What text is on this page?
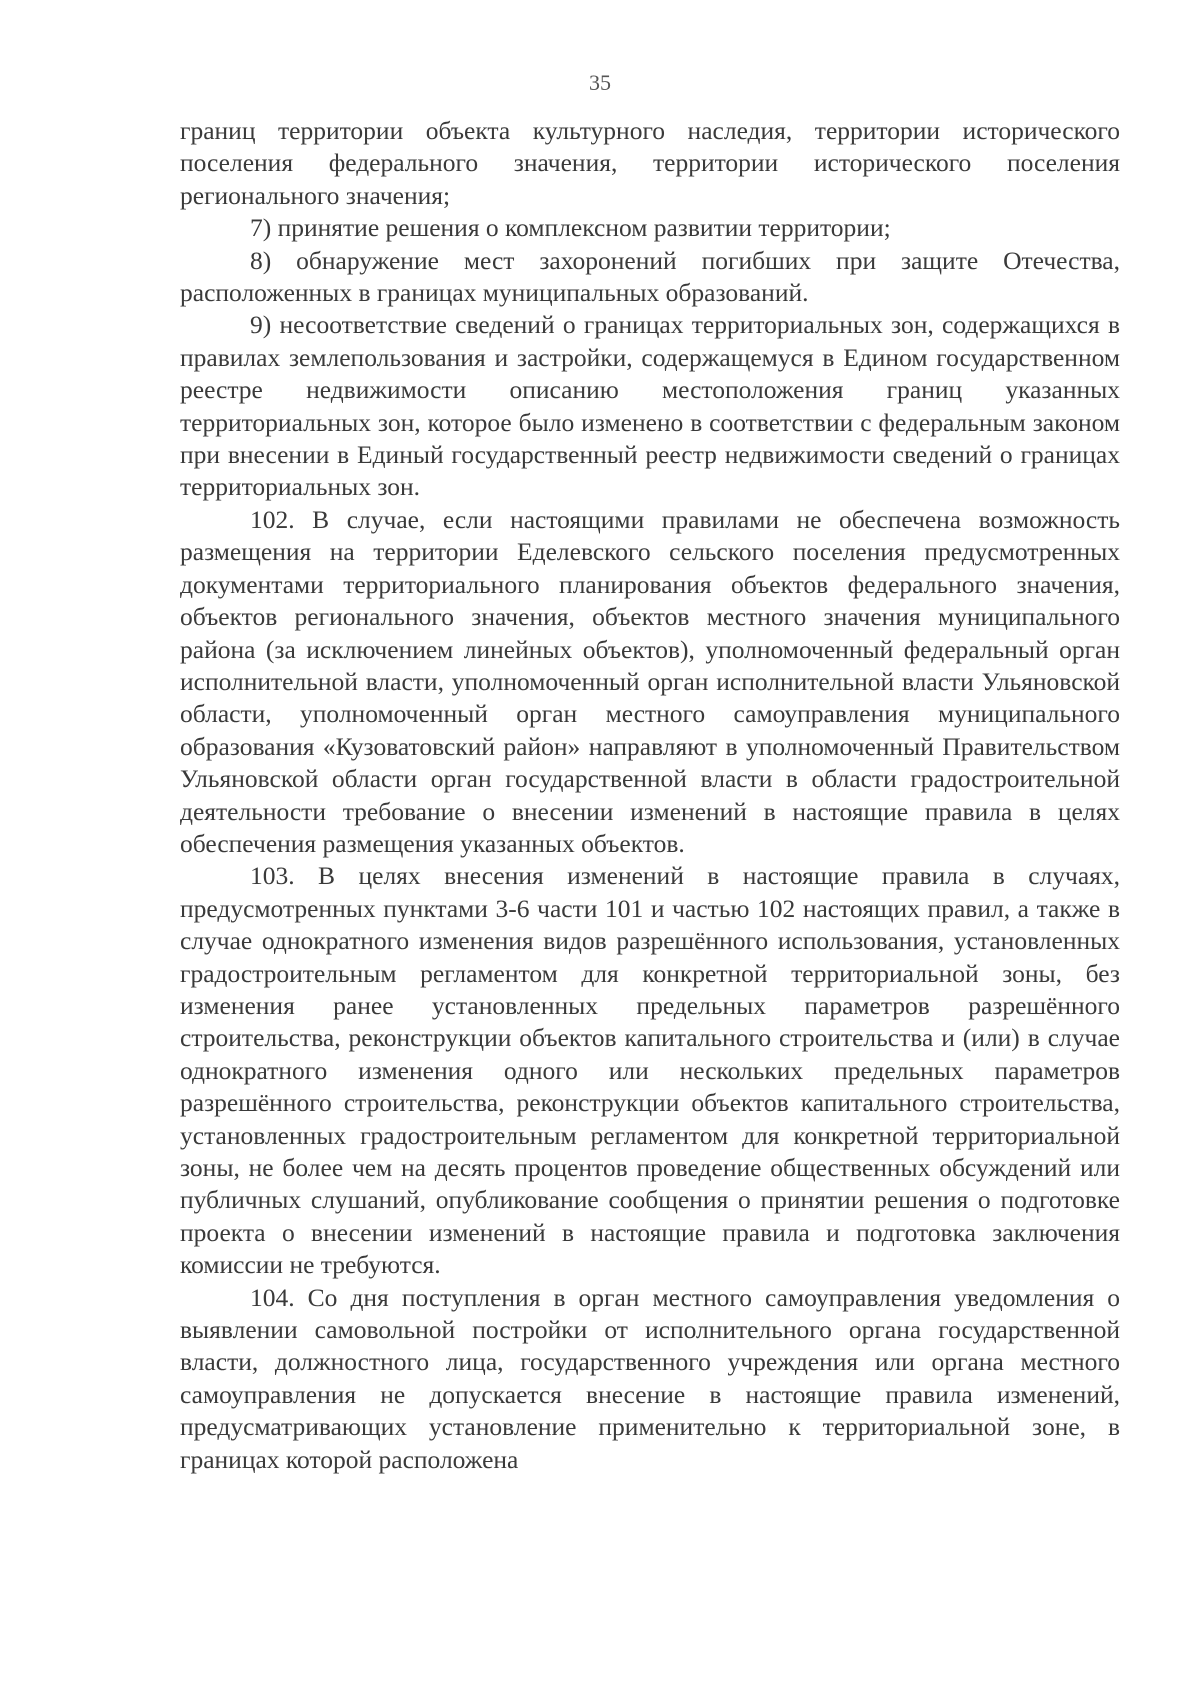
35

границ территории объекта культурного наследия, территории исторического поселения федерального значения, территории исторического поселения регионального значения;

7) принятие решения о комплексном развитии территории;

8) обнаружение мест захоронений погибших при защите Отечества, расположенных в границах муниципальных образований.

9) несоответствие сведений о границах территориальных зон, содержащихся в правилах землепользования и застройки, содержащемуся в Едином государственном реестре недвижимости описанию местоположения границ указанных территориальных зон, которое было изменено в соответствии с федеральным законом при внесении в Единый государственный реестр недвижимости сведений о границах территориальных зон.

102. В случае, если настоящими правилами не обеспечена возможность размещения на территории Еделевского сельского поселения предусмотренных документами территориального планирования объектов федерального значения, объектов регионального значения, объектов местного значения муниципального района (за исключением линейных объектов), уполномоченный федеральный орган исполнительной власти, уполномоченный орган исполнительной власти Ульяновской области, уполномоченный орган местного самоуправления муниципального образования «Кузоватовский район» направляют в уполномоченный Правительством Ульяновской области орган государственной власти в области градостроительной деятельности требование о внесении изменений в настоящие правила в целях обеспечения размещения указанных объектов.

103. В целях внесения изменений в настоящие правила в случаях, предусмотренных пунктами 3-6 части 101 и частью 102 настоящих правил, а также в случае однократного изменения видов разрешённого использования, установленных градостроительным регламентом для конкретной территориальной зоны, без изменения ранее установленных предельных параметров разрешённого строительства, реконструкции объектов капитального строительства и (или) в случае однократного изменения одного или нескольких предельных параметров разрешённого строительства, реконструкции объектов капитального строительства, установленных градостроительным регламентом для конкретной территориальной зоны, не более чем на десять процентов проведение общественных обсуждений или публичных слушаний, опубликование сообщения о принятии решения о подготовке проекта о внесении изменений в настоящие правила и подготовка заключения комиссии не требуются.

104. Со дня поступления в орган местного самоуправления уведомления о выявлении самовольной постройки от исполнительного органа государственной власти, должностного лица, государственного учреждения или органа местного самоуправления не допускается внесение в настоящие правила изменений, предусматривающих установление применительно к территориальной зоне, в границах которой расположена
